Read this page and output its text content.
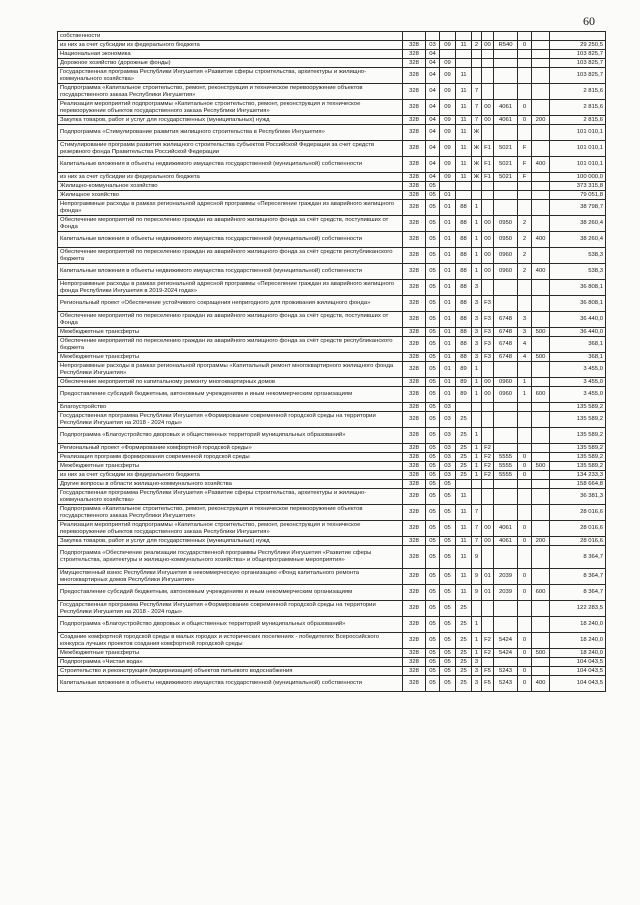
60
собственности										
из них за счет субсидии из федерального бюджета	328	03	09	11	2	00	R540	0		29 250,5
Национальная экономика	328	04								103 825,7
Дорожное хозяйство (дорожные фонды)	328	04	09							103 825,7
Государственная программа Республики Ингушетия «Развитие сферы строительства, архитектуры и жилищно-коммунального хозяйства»	328	04	09	11						103 825,7
Подпрограмма «Капитальное строительство, ремонт, реконструкция и техническое перевооружение объектов государственного заказа Республики Ингушетия»	328	04	09	11	7					2 815,6
Реализация мероприятий подпрограммы «Капитальное строительство, ремонт, реконструкция и техническое перевооружение объектов государственного заказа Республики Ингушетия»	328	04	09	11	7	00	4061	0		2 815,6
Закупка товаров, работ и услуг для государственных (муниципальных) нужд	328	04	09	11	7	00	4061	0	200	2 815,6
Подпрограмма «Стимулирование развития жилищного строительства в Республике Ингушетия»	328	04	09	11	Ж					101 010,1
Стимулирование программ развития жилищного строительства субъектов Российской Федерации за счет средств резервного фонда Правительства Российской Федерации	328	04	09	11	Ж	F1	5021	F		101 010,1
Капитальные вложения в объекты недвижимого имущества государственной (муниципальной) собственности	328	04	09	11	Ж	F1	5021	F	400	101 010,1
из них за счет субсидии из федерального бюджета	328	04	09	11	Ж	F1	5021	F		100 000,0
Жилищно-коммунальное хозяйство	328	05								373 315,8
Жилищное хозяйство	328	05	01							79 051,8
Непрограммные расходы в рамках региональной адресной программы «Переселение граждан из аварийного жилищного фонда»	328	05	01	88	1					38 798,7
Обеспечение мероприятий по переселению граждан из аварийного жилищного фонда за счёт средств, поступивших от Фонда	328	05	01	88	1	00	0950	2		38 260,4
Капитальные вложения в объекты недвижимого имущества государственной (муниципальной) собственности	328	05	01	88	1	00	0950	2	400	38 260,4
Обеспечение мероприятий по переселению граждан из аварийного жилищного фонда за счёт средств республиканского бюджета	328	05	01	88	1	00	0960	2		538,3
Капитальные вложения в объекты недвижимого имущества государственной (муниципальной) собственности	328	05	01	88	1	00	0960	2	400	538,3
Непрограммные расходы в рамках региональной адресной программы «Переселение граждан из аварийного жилищного фонда Республики Ингушетия в 2019-2024 годах»	328	05	01	88	3					36 808,1
Региональный проект «Обеспечение устойчивого сокращения непригодного для проживания жилищного фонда»	328	05	01	88	3	F3				36 808,1
Обеспечение мероприятий по переселению граждан из аварийного жилищного фонда за счёт средств, поступивших от Фонда	328	05	01	88	3	F3	6748	3		36 440,0
Межбюджетные трансферты	328	05	01	88	3	F3	6748	3	500	36 440,0
Обеспечение мероприятий по переселению граждан из аварийного жилищного фонда за счёт средств республиканского бюджета	328	05	01	88	3	F3	6748	4		368,1
Межбюджетные трансферты	328	05	01	88	3	F3	6748	4	500	368,1
Непрограммные расходы в рамках региональной программы «Капитальный ремонт многоквартирного жилищного фонда Республики Ингушетия»	328	05	01	89	1					3 455,0
Обеспечение мероприятий по капитальному ремонту многоквартирных домов	328	05	01	89	1	00	0960	1		3 455,0
Предоставление субсидий бюджетным, автономным учреждениям и иным некоммерческим организациям	328	05	01	89	1	00	0960	1	600	3 455,0
Благоустройство	328	05	03							135 589,2
Государственная программа Республики Ингушетия «Формирование современной городской среды на территории Республики Ингушетия на 2018 - 2024 годы»	328	05	03	25						135 589,2
Подпрограмма «Благоустройство дворовых и общественных территорий муниципальных образований»	328	05	03	25	1					135 589,2
Региональный проект «Формирование комфортной городской среды»	328	05	03	25	1	F2				135 589,2
Реализация программ формирования современной городской среды	328	05	03	25	1	F2	5555	0		135 589,2
Межбюджетные трансферты	328	05	03	25	1	F2	5555	0	500	135 589,2
из них за счет субсидии из федерального бюджета	328	05	03	25	1	F2	5555	0		134 233,3
Другие вопросы в области жилищно-коммунального хозяйства	328	05	05							158 664,8
Государственная программа Республики Ингушетия «Развитие сферы строительства, архитектуры и жилищно-коммунального хозяйства»	328	05	05	11						36 381,3
Подпрограмма «Капитальное строительство, ремонт, реконструкция и техническое перевооружение объектов государственного заказа Республики Ингушетия»	328	05	05	11	7					28 016,6
Реализация мероприятий подпрограммы «Капитальное строительство, ремонт, реконструкция и техническое перевооружение объектов государственного заказа Республики Ингушетия»	328	05	05	11	7	00	4061	0		28 016,6
Закупка товаров, работ и услуг для государственных (муниципальных) нужд	328	05	05	11	7	00	4061	0	200	28 016,6
Подпрограмма «Обеспечение реализации государственной программы Республики Ингушетия «Развитие сферы строительства, архитектуры и жилищно-коммунального хозяйства» и общепрограммные мероприятия»	328	05	05	11	9					8 364,7
Имущественный взнос Республики Ингушетия в некоммерческую организацию «Фонд капитального ремонта многоквартирных домов Республики Ингушетия»	328	05	05	11	9	01	2039	0		8 364,7
Предоставление субсидий бюджетным, автономным учреждениям и иным некоммерческим организациям	328	05	05	11	9	01	2039	0	600	8 364,7
Государственная программа Республики Ингушетия «Формирование современной городской среды на территории Республики Ингушетия на 2018 - 2024 годы»	328	05	05	25						122 283,5
Подпрограмма «Благоустройство дворовых и общественных территорий муниципальных образований»	328	05	05	25	1					18 240,0
Создание комфортной городской среды в малых городах и исторических поселениях - победителях Всероссийского конкурса лучших проектов создания комфортной городской среды	328	05	05	25	1	F2	5424	0		18 240,0
Межбюджетные трансферты	328	05	05	25	1	F2	5424	0	500	18 240,0
Подпрограмма «Чистая вода»	328	05	05	25	3					104 043,5
Строительство и реконструкция (модернизация) объектов питьевого водоснабжения	328	05	05	25	3	F5	5243	0		104 043,5
Капитальные вложения в объекты недвижимого имущества государственной (муниципальной) собственности	328	05	05	25	3	F5	5243	0	400	104 043,5
